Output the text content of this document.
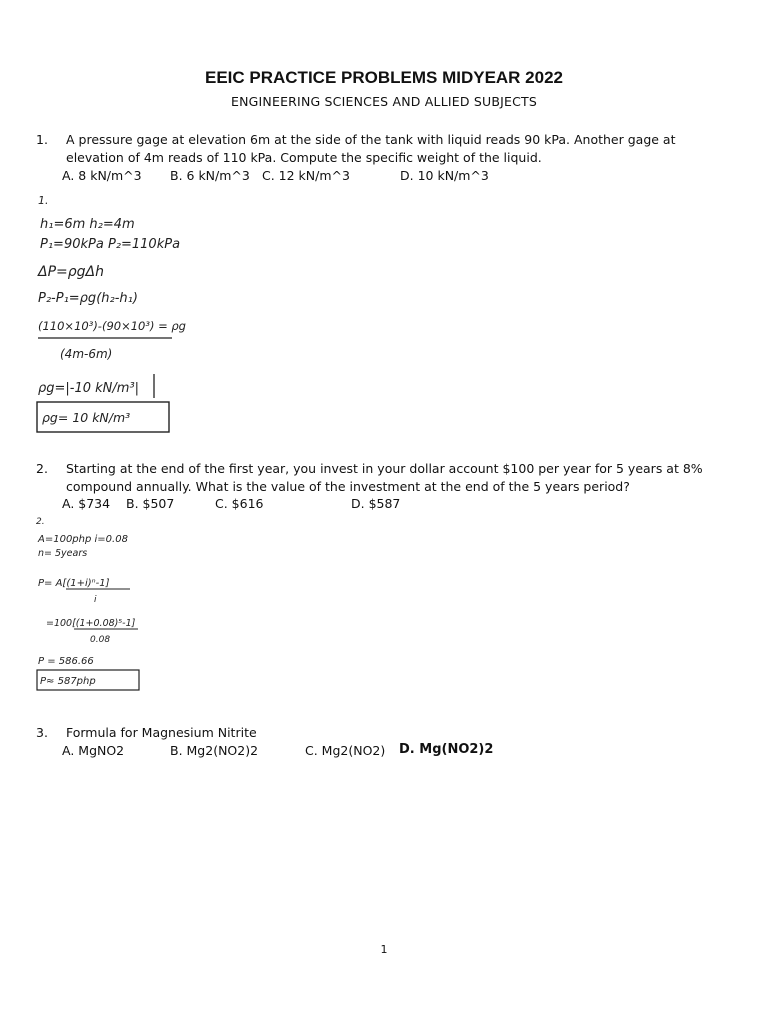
EEIC PRACTICE PROBLEMS MIDYEAR 2022
ENGINEERING SCIENCES AND ALLIED SUBJECTS
1. A pressure gage at elevation 6m at the side of the tank with liquid reads 90 kPa. Another gage at elevation of 4m reads of 110 kPa. Compute the specific weight of the liquid.
A. 8 kN/m^3 B. 6 kN/m^3 C. 12 kN/m^3	D. 10 kN/m^3
1.
h₁=6m h₂=4m
P₁=90kPa P₂=110kPa
ΔP=ρgΔh
P₂-P₁=ρg(h₂-h₁)
(110×10³)-(90×10³) = ρg
(4m-6m)
ρg=|-10 kN/m³|
ρg= 10 kN/m³
2. Starting at the end of the first year, you invest in your dollar account $100 per year for 5 years at 8% compound annually. What is the value of the investment at the end of the 5 years period?
A. $734 B. $507	C. $616	D. $587
2.
A=100php i=0.08
n= 5years
P= A[(1+i)ⁿ-1]
i
=100[(1+0.08)⁵-1]
0.08
P = 586.66
P≈ 587php
3. Formula for Magnesium Nitrite
A. MgNO2	B. Mg2(NO2)2	C. Mg2(NO2) D. Mg(NO2)2
1
